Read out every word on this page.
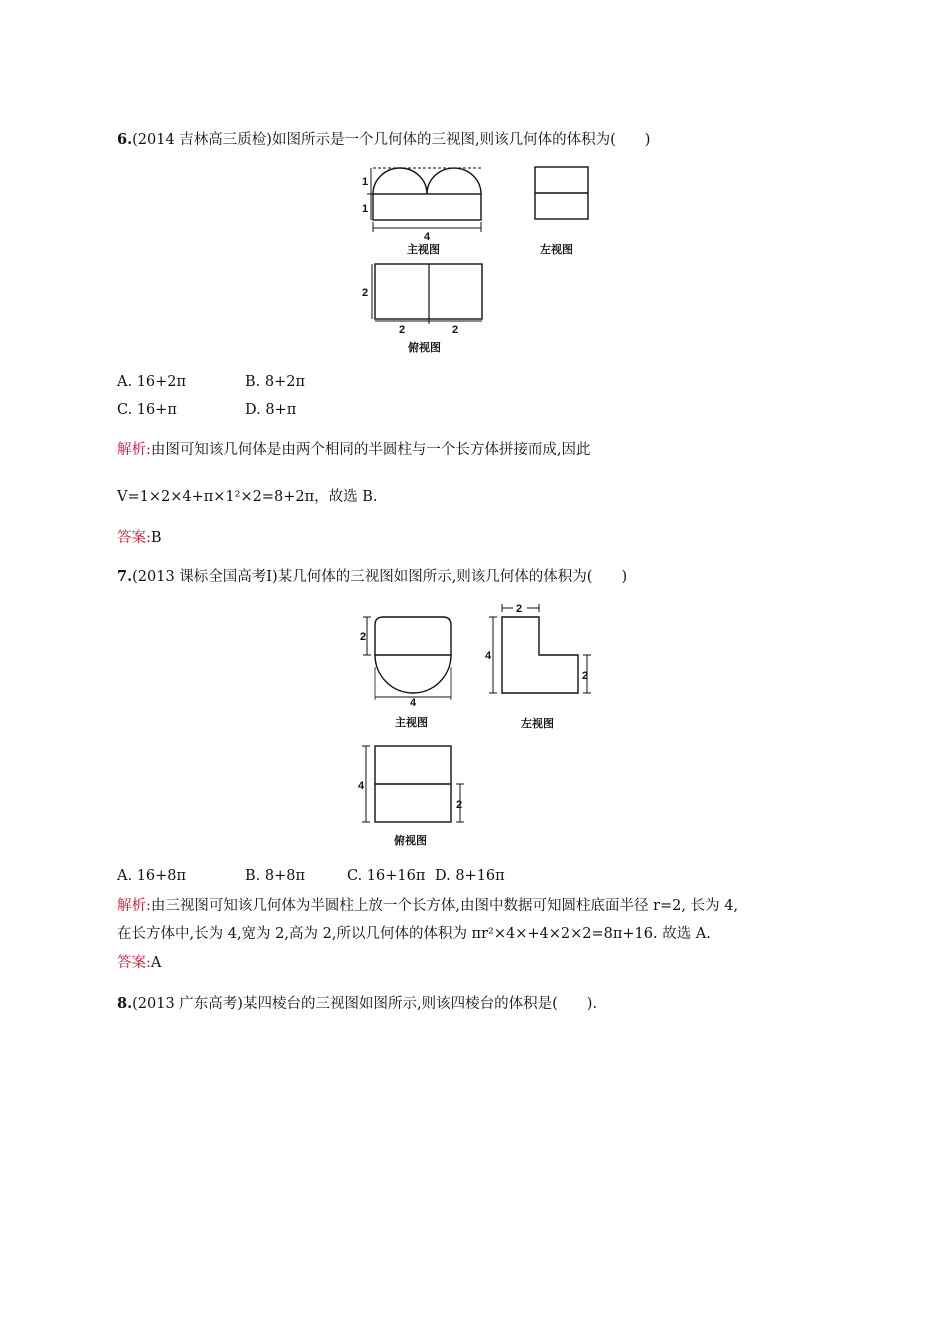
6.(2014 吉林高三质检)如图所示是一个几何体的三视图,则该几何体的体积为(　　)
1
1
4
主视图	左视图
2
2	2
俯视图
A. 16+2π	B. 8+2π
C. 16+π	D. 8+π
解析:由图可知该几何体是由两个相同的半圆柱与一个长方体拼接而成,因此
V=1×2×4+π×1²×2=8+2π，故选 B.
答案:B
7.(2013 课标全国高考Ⅰ)某几何体的三视图如图所示,则该几何体的体积为(　　)
2
4
主视图
2
4
2
左视图
4
2
俯视图
A. 16+8π	B. 8+8π	C. 16+16π D. 8+16π
解析:由三视图可知该几何体为半圆柱上放一个长方体,由图中数据可知圆柱底面半径 r=2, 长为 4,
在长方体中,长为 4,宽为 2,高为 2,所以几何体的体积为 πr²×4×+4×2×2=8π+16. 故选 A.
答案:A
8.(2013 广东高考)某四棱台的三视图如图所示,则该四棱台的体积是(　　).
